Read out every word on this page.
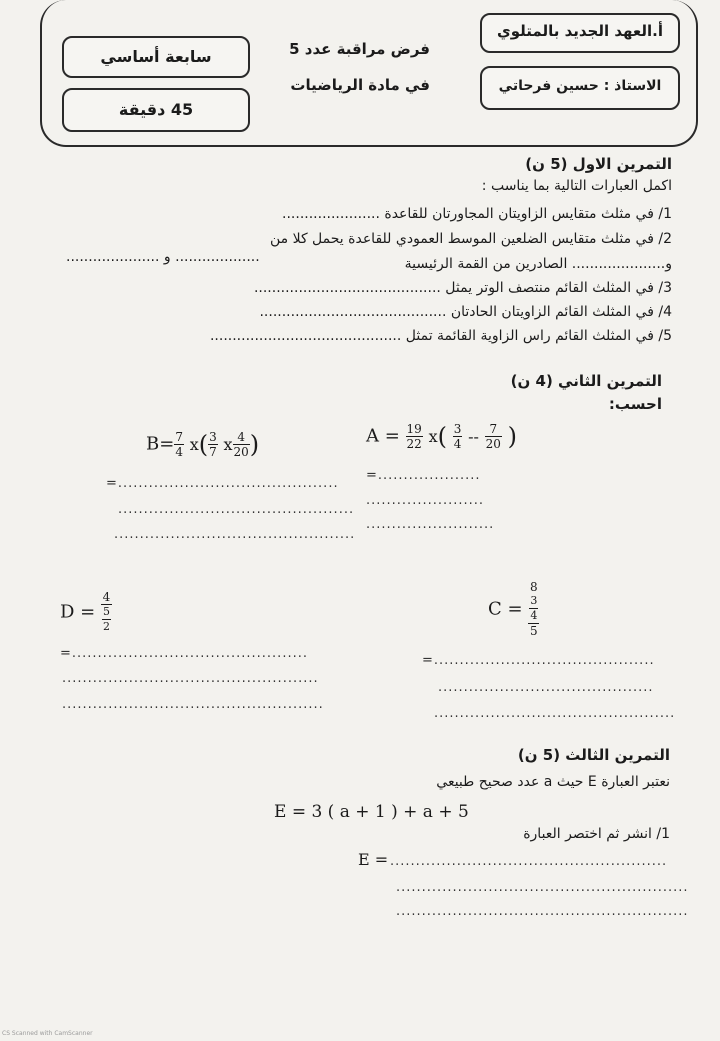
أ.العهد الجديد بالمتلوي
الاستاذ : حسين فرحاتي
فرض مراقبة عدد 5
في مادة الرياضيات
سابعة أساسي
45 دقيقة
التمرين الاول (5 ن)
اكمل العبارات التالية بما يناسب :
1/ في مثلث متقايس الزاويتان المجاورتان للقاعدة ......................
2/ في مثلث متقايس الضلعين الموسط العمودي للقاعدة يحمل كلا من
..................... و ...................	و..................... الصادرين من القمة الرئيسية
3/ في المثلث القائم منتصف الوتر يمثل ..........................................
4/ في المثلث القائم الزاويتان الحادتان ..........................................
5/ في المثلث القائم راس الزاوية القائمة تمثل ...........................................
التمرين الثاني (4 ن)
احسب:
$A = \frac{19}{22} x( \frac{3}{4} -- \frac{7}{20}$ )
=....................
.......................
.........................
$B= \frac{7}{4} x( \frac{3}{7}$ x $\frac{4}{20}$ )
=...........................................
..............................................
...............................................
$D = \frac{4}{\frac{5}{2}}$
=..............................................
..................................................
...................................................
C = 8
$\frac{3}{4}$
5
=...........................................
..........................................
...............................................
التمرين الثالث (5 ن)
نعتبر العبارة E حيث a عدد صحيح طبيعي
E = 3 ( a + 1 ) + a + 5
1/ انشر ثم اختصر العبارة
E = ......................................................
.........................................................
.........................................................
CS Scanned with CamScanner
